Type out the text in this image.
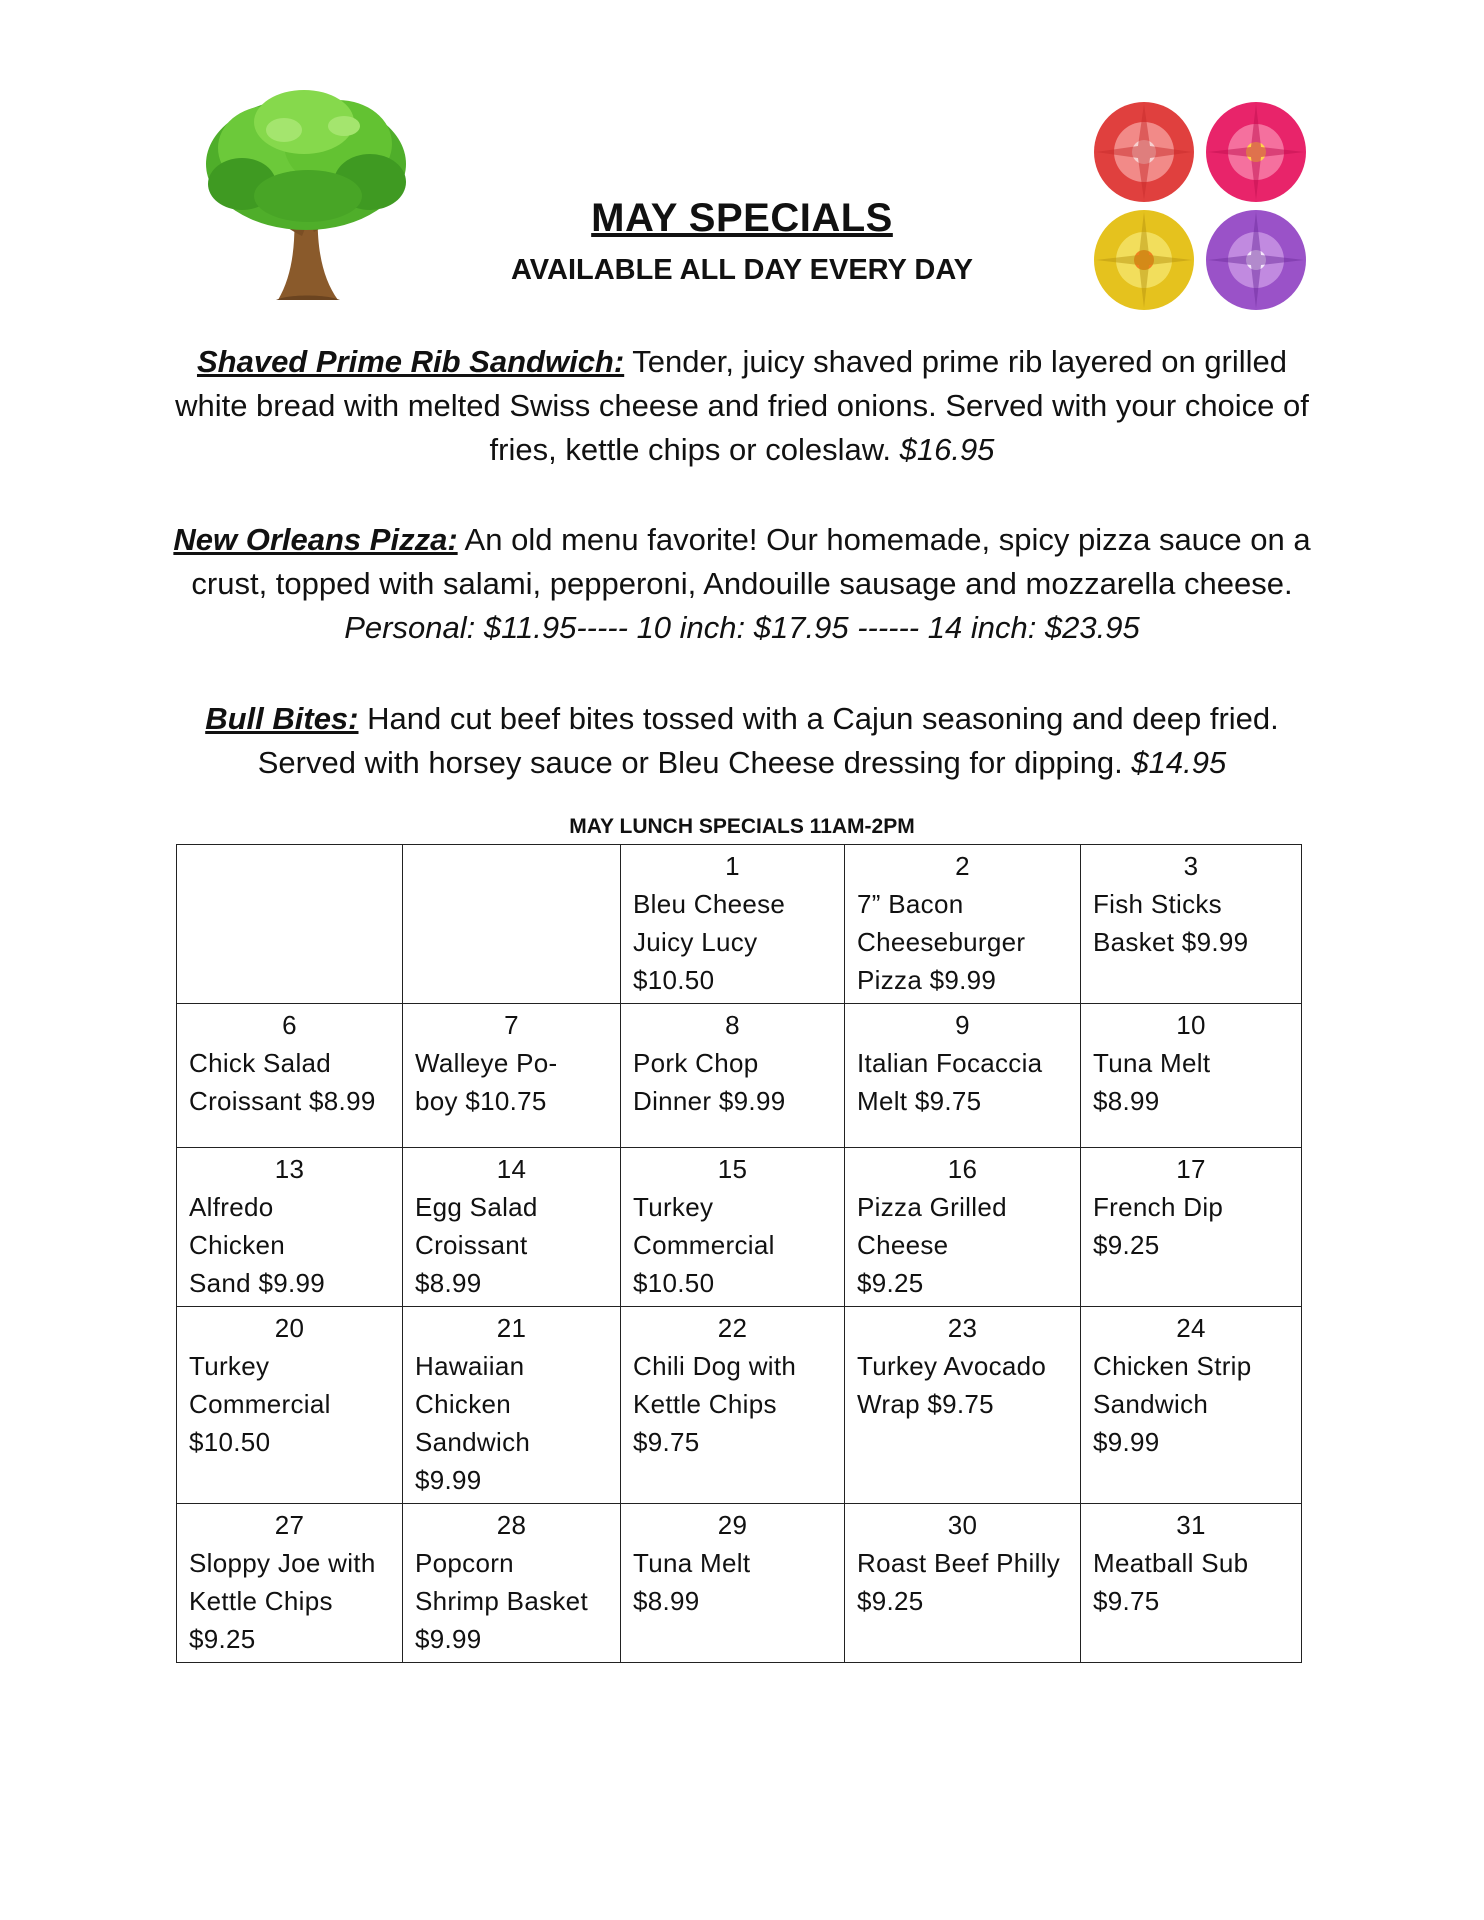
MAY SPECIALS
AVAILABLE ALL DAY EVERY DAY
Shaved Prime Rib Sandwich: Tender, juicy shaved prime rib layered on grilled white bread with melted Swiss cheese and fried onions. Served with your choice of fries, kettle chips or coleslaw. $16.95
New Orleans Pizza: An old menu favorite! Our homemade, spicy pizza sauce on a crust, topped with salami, pepperoni, Andouille sausage and mozzarella cheese. Personal: $11.95----- 10 inch: $17.95 ------ 14 inch: $23.95
Bull Bites: Hand cut beef bites tossed with a Cajun seasoning and deep fried. Served with horsey sauce or Bleu Cheese dressing for dipping. $14.95
MAY LUNCH SPECIALS 11AM-2PM

		1
Bleu Cheese
Juicy Lucy
$10.50	2
7” Bacon
Cheeseburger
Pizza $9.99	3
Fish Sticks
Basket $9.99

6
Chick Salad
Croissant $8.99	7
Walleye Po-
boy $10.75	8
Pork Chop
Dinner $9.99	9
Italian Focaccia
Melt $9.75	10
Tuna Melt
$8.99

13
Alfredo
Chicken
Sand $9.99	14
Egg Salad
Croissant
$8.99	15
Turkey
Commercial
$10.50	16
Pizza Grilled
Cheese
$9.25	17
French Dip
$9.25

20
Turkey
Commercial
$10.50	21
Hawaiian
Chicken
Sandwich
$9.99	22
Chili Dog with
Kettle Chips
$9.75	23
Turkey Avocado
Wrap $9.75	24
Chicken Strip
Sandwich
$9.99

27
Sloppy Joe with
Kettle Chips
$9.25	28
Popcorn
Shrimp Basket
$9.99	29
Tuna Melt
$8.99	30
Roast Beef Philly
$9.25	31
Meatball Sub
$9.75
